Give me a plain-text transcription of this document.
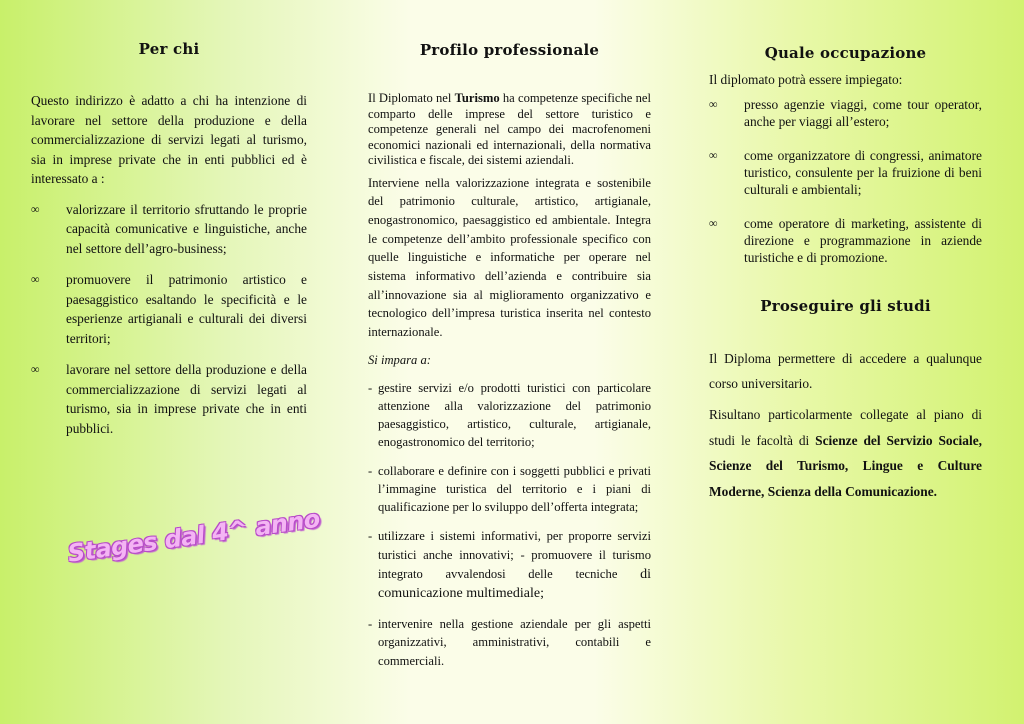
Per chi

Questo indirizzo è adatto a chi ha intenzione di lavorare nel settore della produzione e della commercializzazione di servizi legati al turismo, sia in imprese private che in enti pubblici ed è interessato a :

∞ valorizzare il territorio sfruttando le proprie capacità comunicative e linguistiche, anche nel settore dell’agro-business;

∞ promuovere il patrimonio artistico e paesaggistico esaltando le specificità e le esperienze artigianali e culturali dei diversi territori;

∞ lavorare nel settore della produzione e della commercializzazione di servizi legati al turismo, sia in imprese private che in enti pubblici.

Stages dal 4^ anno
Profilo professionale

Il Diplomato nel Turismo ha competenze specifiche nel comparto delle imprese del settore turistico e competenze generali nel campo dei macrofenomeni economici nazionali ed internazionali, della normativa civilistica e fiscale, dei sistemi aziendali.

Interviene nella valorizzazione integrata e sostenibile del patrimonio culturale, artistico, artigianale, enogastronomico, paesaggistico ed ambientale. Integra le competenze dell’ambito professionale specifico con quelle linguistiche e informatiche per operare nel sistema informativo dell’azienda e contribuire sia all’innovazione sia al miglioramento organizzativo e tecnologico dell’impresa turistica inserita nel contesto internazionale.

Si impara a:

- gestire servizi e/o prodotti turistici con particolare attenzione alla valorizzazione del patrimonio paesaggistico, artistico, culturale, artigianale, enogastronomico del territorio;

- collaborare e definire con i soggetti pubblici e privati l’immagine turistica del territorio e i piani di qualificazione per lo sviluppo dell’offerta integrata;

- utilizzare i sistemi informativi, per proporre servizi turistici anche innovativi; - promuovere il turismo integrato avvalendosi delle tecniche di comunicazione multimediale;

- intervenire nella gestione aziendale per gli aspetti organizzativi, amministrativi, contabili e commerciali.

Quale occupazione

Il diplomato potrà essere impiegato:

∞ presso agenzie viaggi, come tour operator, anche per viaggi all’estero;

∞ come organizzatore di congressi, animatore turistico, consulente per la fruizione di beni culturali e ambientali;

∞ come operatore di marketing, assistente di direzione e programmazione in aziende turistiche e di promozione.

Proseguire gli studi

Il Diploma permettere di accedere a qualunque corso universitario.

Risultano particolarmente collegate al piano di studi le facoltà di Scienze del Servizio Sociale, Scienze del Turismo, Lingue e Culture Moderne, Scienza della Comunicazione.
